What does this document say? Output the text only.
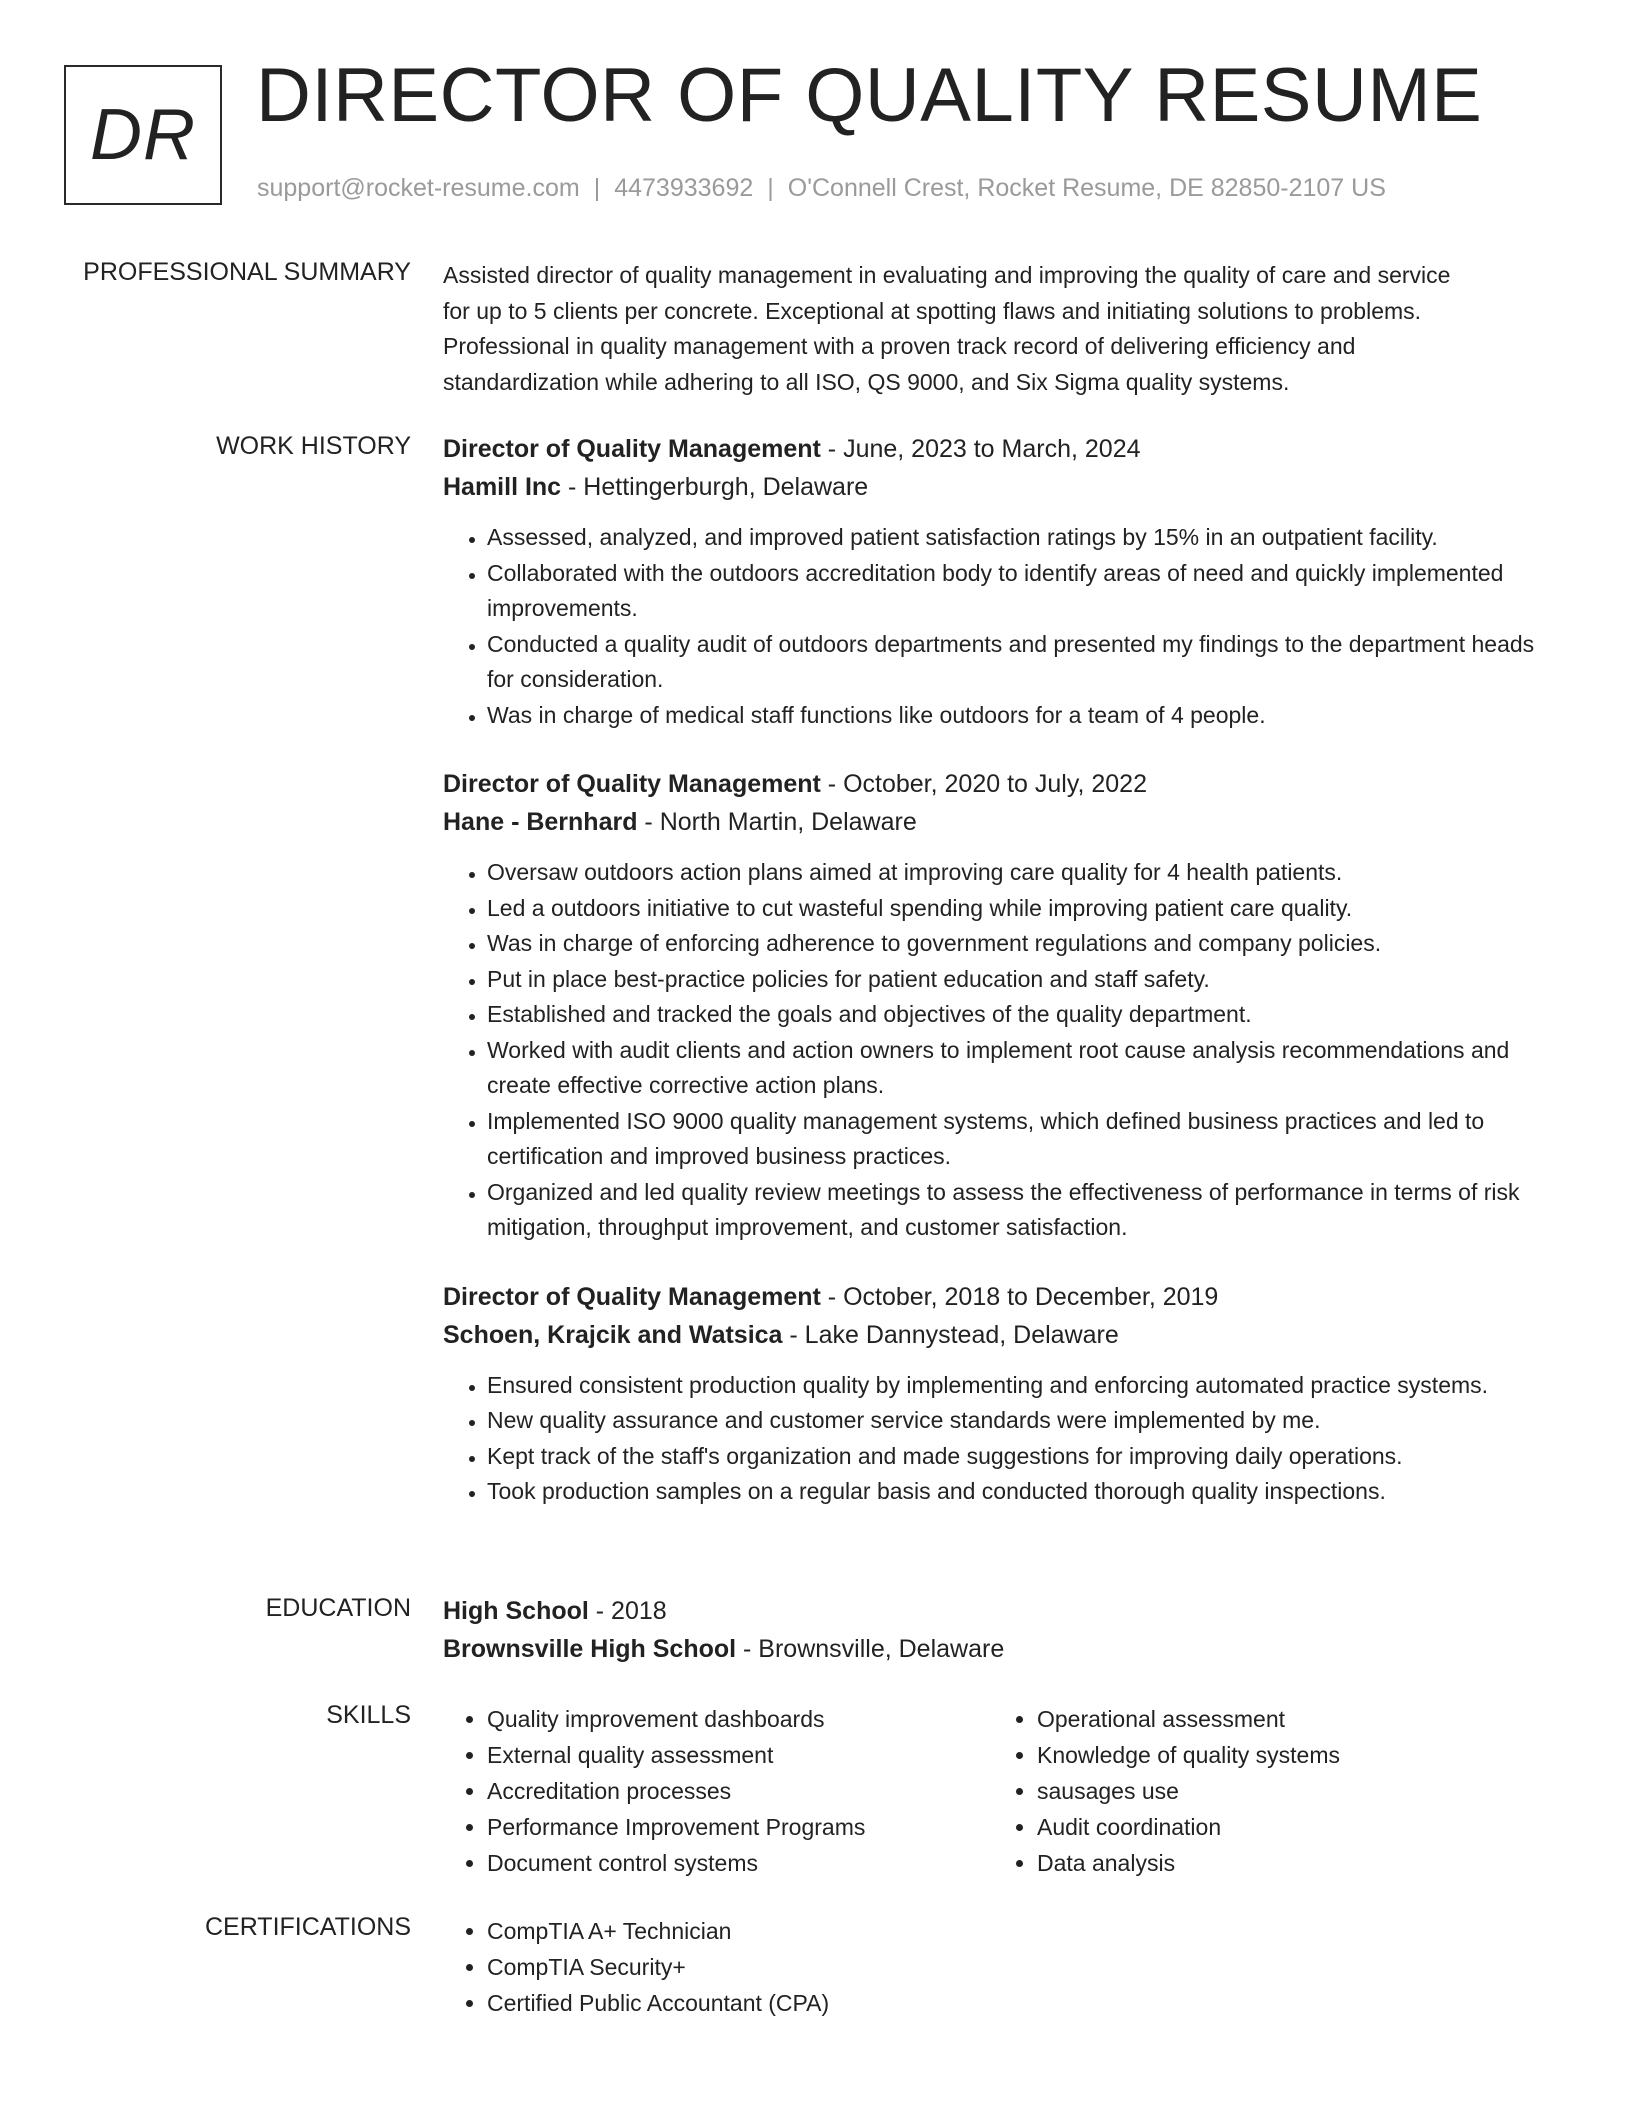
DR DIRECTOR OF QUALITY RESUME
support@rocket-resume.com | 4473933692 | O'Connell Crest, Rocket Resume, DE 82850-2107 US
PROFESSIONAL SUMMARY Assisted director of quality management in evaluating and improving the quality of care and service

for up to 5 clients per concrete. Exceptional at spotting flaws and initiating solutions to problems.

Professional in quality management with a proven track record of delivering efficiency and

standardization while adhering to all ISO, QS 9000, and Six Sigma quality systems.

WORK HISTORY Director of Quality Management - June, 2023 to March, 2024
Hamill Inc - Hettingerburgh, Delaware
• Assessed, analyzed, and improved patient satisfaction ratings by 15% in an outpatient facility.
• Collaborated with the outdoors accreditation body to identify areas of need and quickly implemented improvements.
• Conducted a quality audit of outdoors departments and presented my findings to the department heads for consideration.
• Was in charge of medical staff functions like outdoors for a team of 4 people.
Director of Quality Management - October, 2020 to July, 2022
Hane - Bernhard - North Martin, Delaware
• Oversaw outdoors action plans aimed at improving care quality for 4 health patients.
• Led a outdoors initiative to cut wasteful spending while improving patient care quality.
• Was in charge of enforcing adherence to government regulations and company policies.
• Put in place best-practice policies for patient education and staff safety.
• Established and tracked the goals and objectives of the quality department.
• Worked with audit clients and action owners to implement root cause analysis recommendations and create effective corrective action plans.
• Implemented ISO 9000 quality management systems, which defined business practices and led to certification and improved business practices.
• Organized and led quality review meetings to assess the effectiveness of performance in terms of risk mitigation, throughput improvement, and customer satisfaction.
Director of Quality Management - October, 2018 to December, 2019
Schoen, Krajcik and Watsica - Lake Dannystead, Delaware
• Ensured consistent production quality by implementing and enforcing automated practice systems.
• New quality assurance and customer service standards were implemented by me.
• Kept track of the staff's organization and made suggestions for improving daily operations.
• Took production samples on a regular basis and conducted thorough quality inspections.
EDUCATION High School - 2018
Brownsville High School - Brownsville, Delaware
SKILLS	• Quality improvement dashboards
• External quality assessment
• Accreditation processes
• Performance Improvement Programs
• Document control systems
• Operational assessment
• Knowledge of quality systems
• sausages use
• Audit coordination
• Data analysis
CERTIFICATIONS	• CompTIA A+ Technician
• CompTIA Security+
• Certified Public Accountant (CPA)
